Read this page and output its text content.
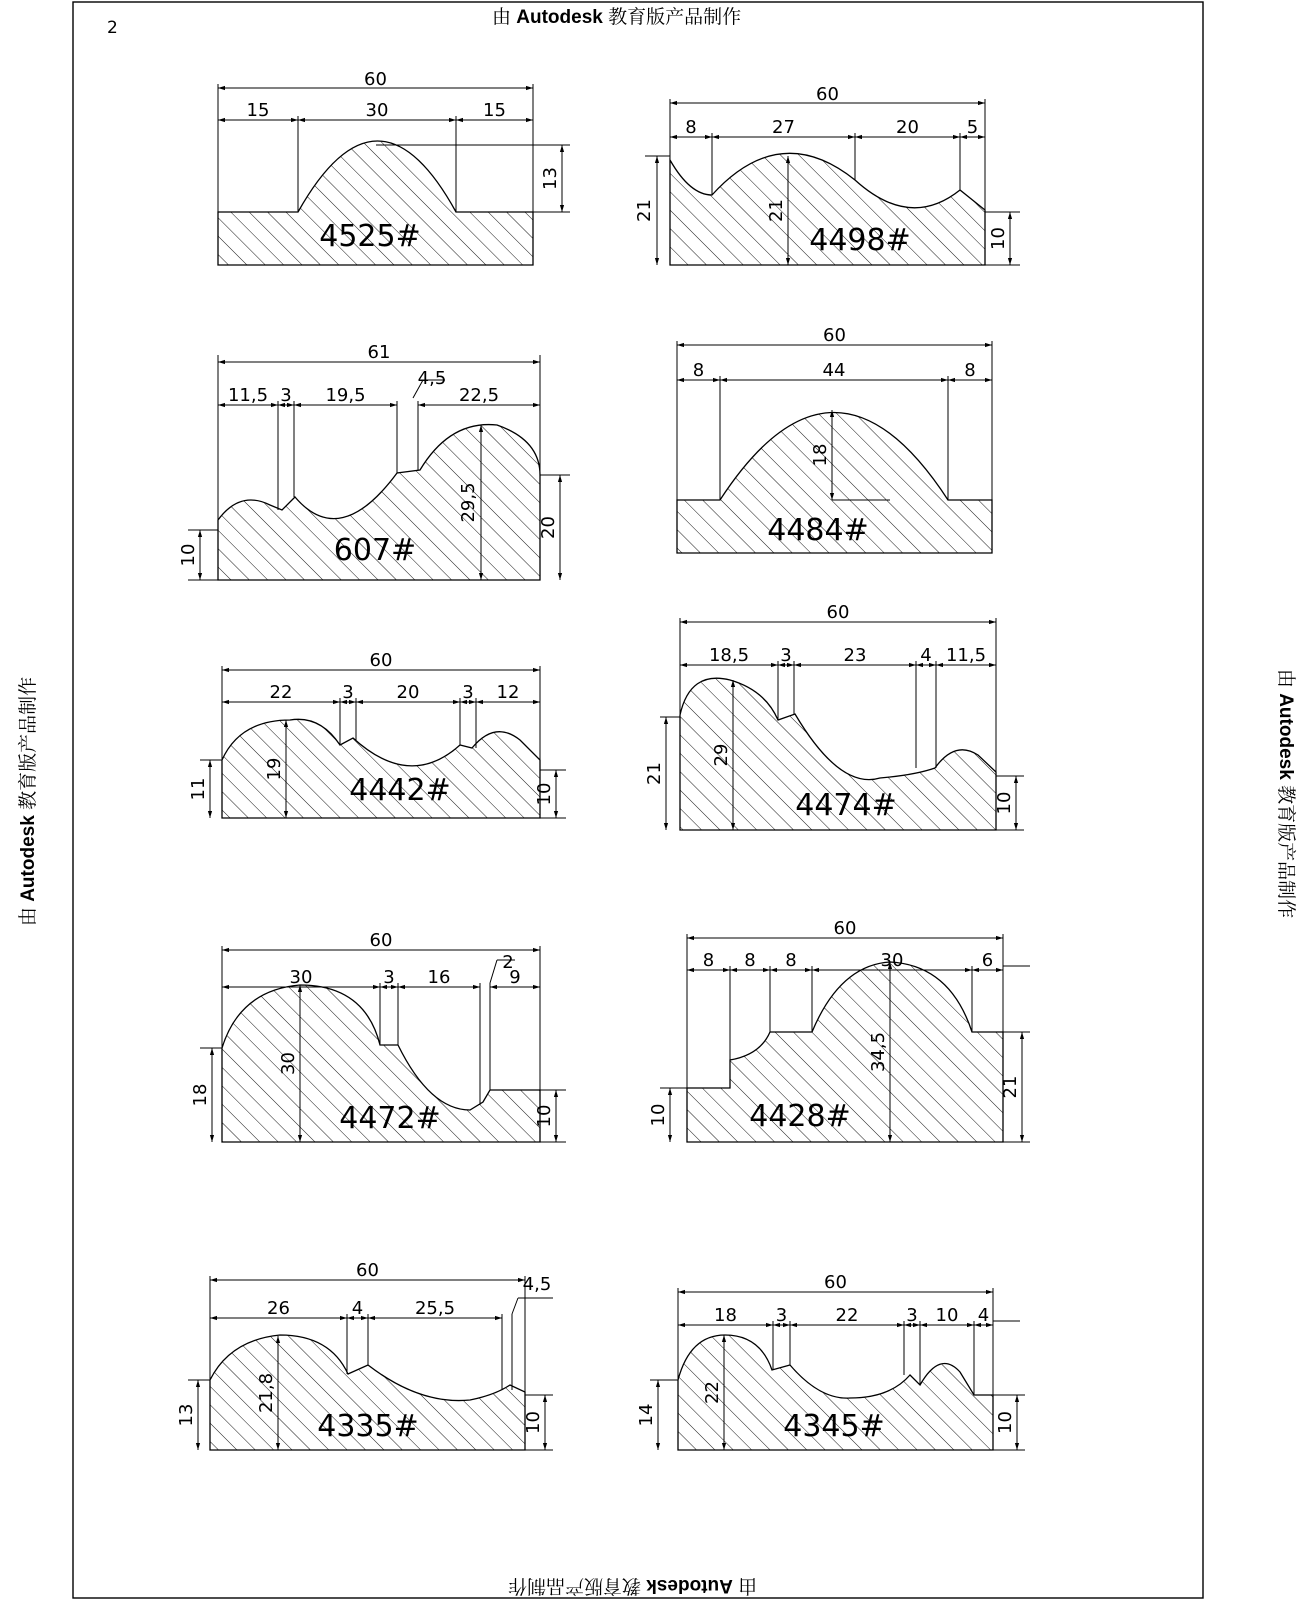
4525#
60
15	30	15
13
4498#
60
8	27	20	5
21	21
10
607#
61
11,5 3 19,5
4,5
22,5
10
29,5
20	4484#
60
8	44	8
18
4442#
60
22	3 20 3 12
11
19
10	4474#
60
18,5 3	23	4 11,5
21
29
10
4472#
60
30	3 16
2
9
18
30
10	4428#
60
8 8 8	30	6
10
34,5
21
4335#
60
26	4	25,5
4,5
13
21,8
10	4345#
60
18 3	22	3 10 4
14
22
10
2	由 Autodesk 教育版产品制作
由 Autodesk 教育版产品制作
由 Autodesk 教育版产品制作	由 Autodesk 教育版产品制作
